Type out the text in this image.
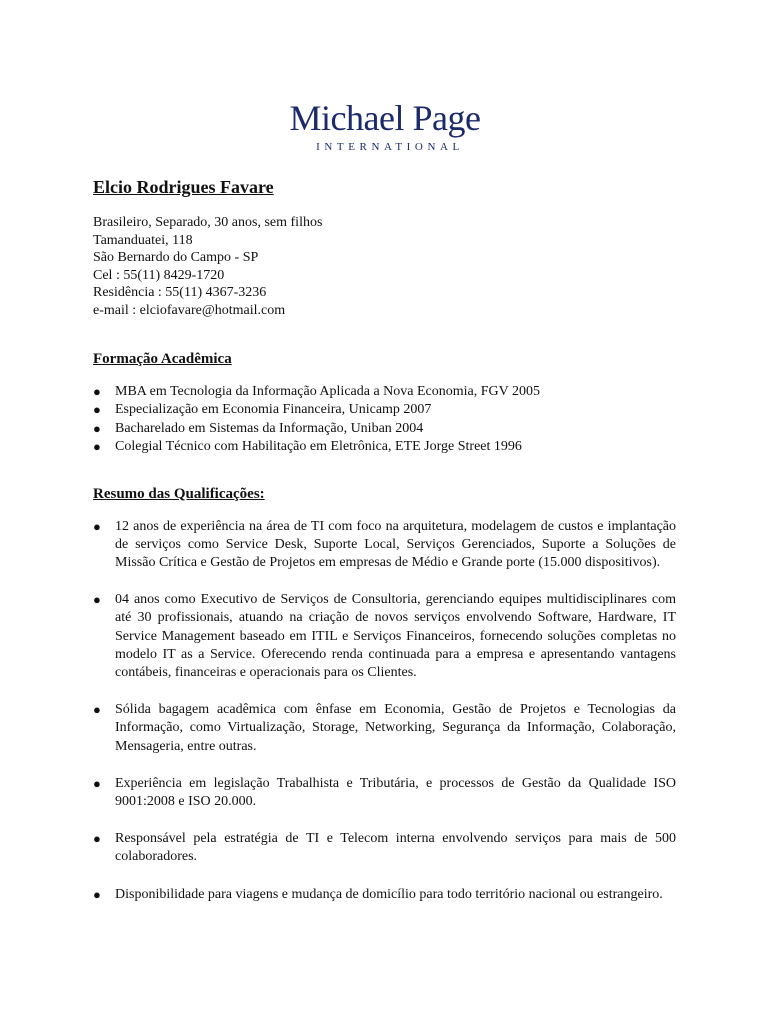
Michael Page
INTERNATIONAL
Elcio Rodrigues Favare
Brasileiro, Separado, 30 anos, sem filhos
Tamanduatei, 118
São Bernardo do Campo - SP
Cel : 55(11) 8429-1720
Residência : 55(11) 4367-3236
e-mail : elciofavare@hotmail.com
Formação Acadêmica
● MBA em Tecnologia da Informação Aplicada a Nova Economia, FGV 2005
● Especialização em Economia Financeira, Unicamp 2007
● Bacharelado em Sistemas da Informação, Uniban 2004
● Colegial Técnico com Habilitação em Eletrônica, ETE Jorge Street 1996
Resumo das Qualificações:
● 12 anos de experiência na área de TI com foco na arquitetura, modelagem de custos e implantação de serviços como Service Desk, Suporte Local, Serviços Gerenciados, Suporte a Soluções de Missão Crítica e Gestão de Projetos em empresas de Médio e Grande porte (15.000 dispositivos).
● 04 anos como Executivo de Serviços de Consultoria, gerenciando equipes multidisciplinares com até 30 profissionais, atuando na criação de novos serviços envolvendo Software, Hardware, IT Service Management baseado em ITIL e Serviços Financeiros, fornecendo soluções completas no modelo IT as a Service. Oferecendo renda continuada para a empresa e apresentando vantagens contábeis, financeiras e operacionais para os Clientes.
● Sólida bagagem acadêmica com ênfase em Economia, Gestão de Projetos e Tecnologias da Informação, como Virtualização, Storage, Networking, Segurança da Informação, Colaboração, Mensageria, entre outras.
● Experiência em legislação Trabalhista e Tributária, e processos de Gestão da Qualidade ISO 9001:2008 e ISO 20.000.
● Responsável pela estratégia de TI e Telecom interna envolvendo serviços para mais de 500 colaboradores.
● Disponibilidade para viagens e mudança de domicílio para todo território nacional ou estrangeiro.
